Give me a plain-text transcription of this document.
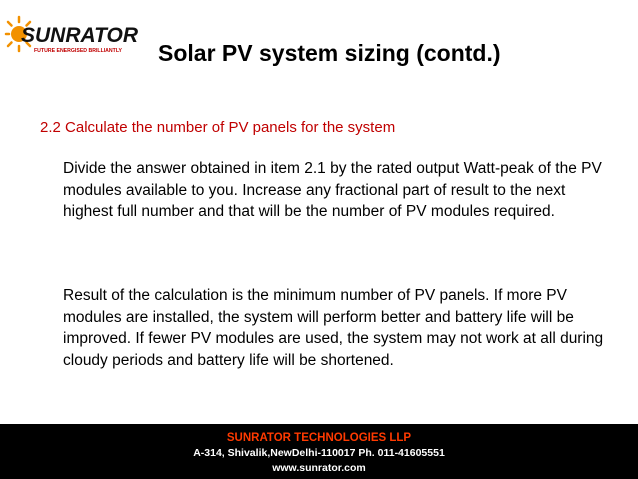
SUNRATOR
FUTURE ENERGISED BRILLIANTLY Solar PV system sizing (contd.)
2.2 Calculate the number of PV panels for the system
Divide the answer obtained in item 2.1 by the rated output Watt-peak of the PV modules available to you. Increase any fractional part of result to the next highest full number and that will be the number of PV modules required.
Result of the calculation is the minimum number of PV panels. If more PV modules are installed, the system will perform better and battery life will be improved. If fewer PV modules are used, the system may not work at all during cloudy periods and battery life will be shortened.
SUNRATOR TECHNOLOGIES LLP
A-314, Shivalik,NewDelhi-110017 Ph. 011-41605551
www.sunrator.com
